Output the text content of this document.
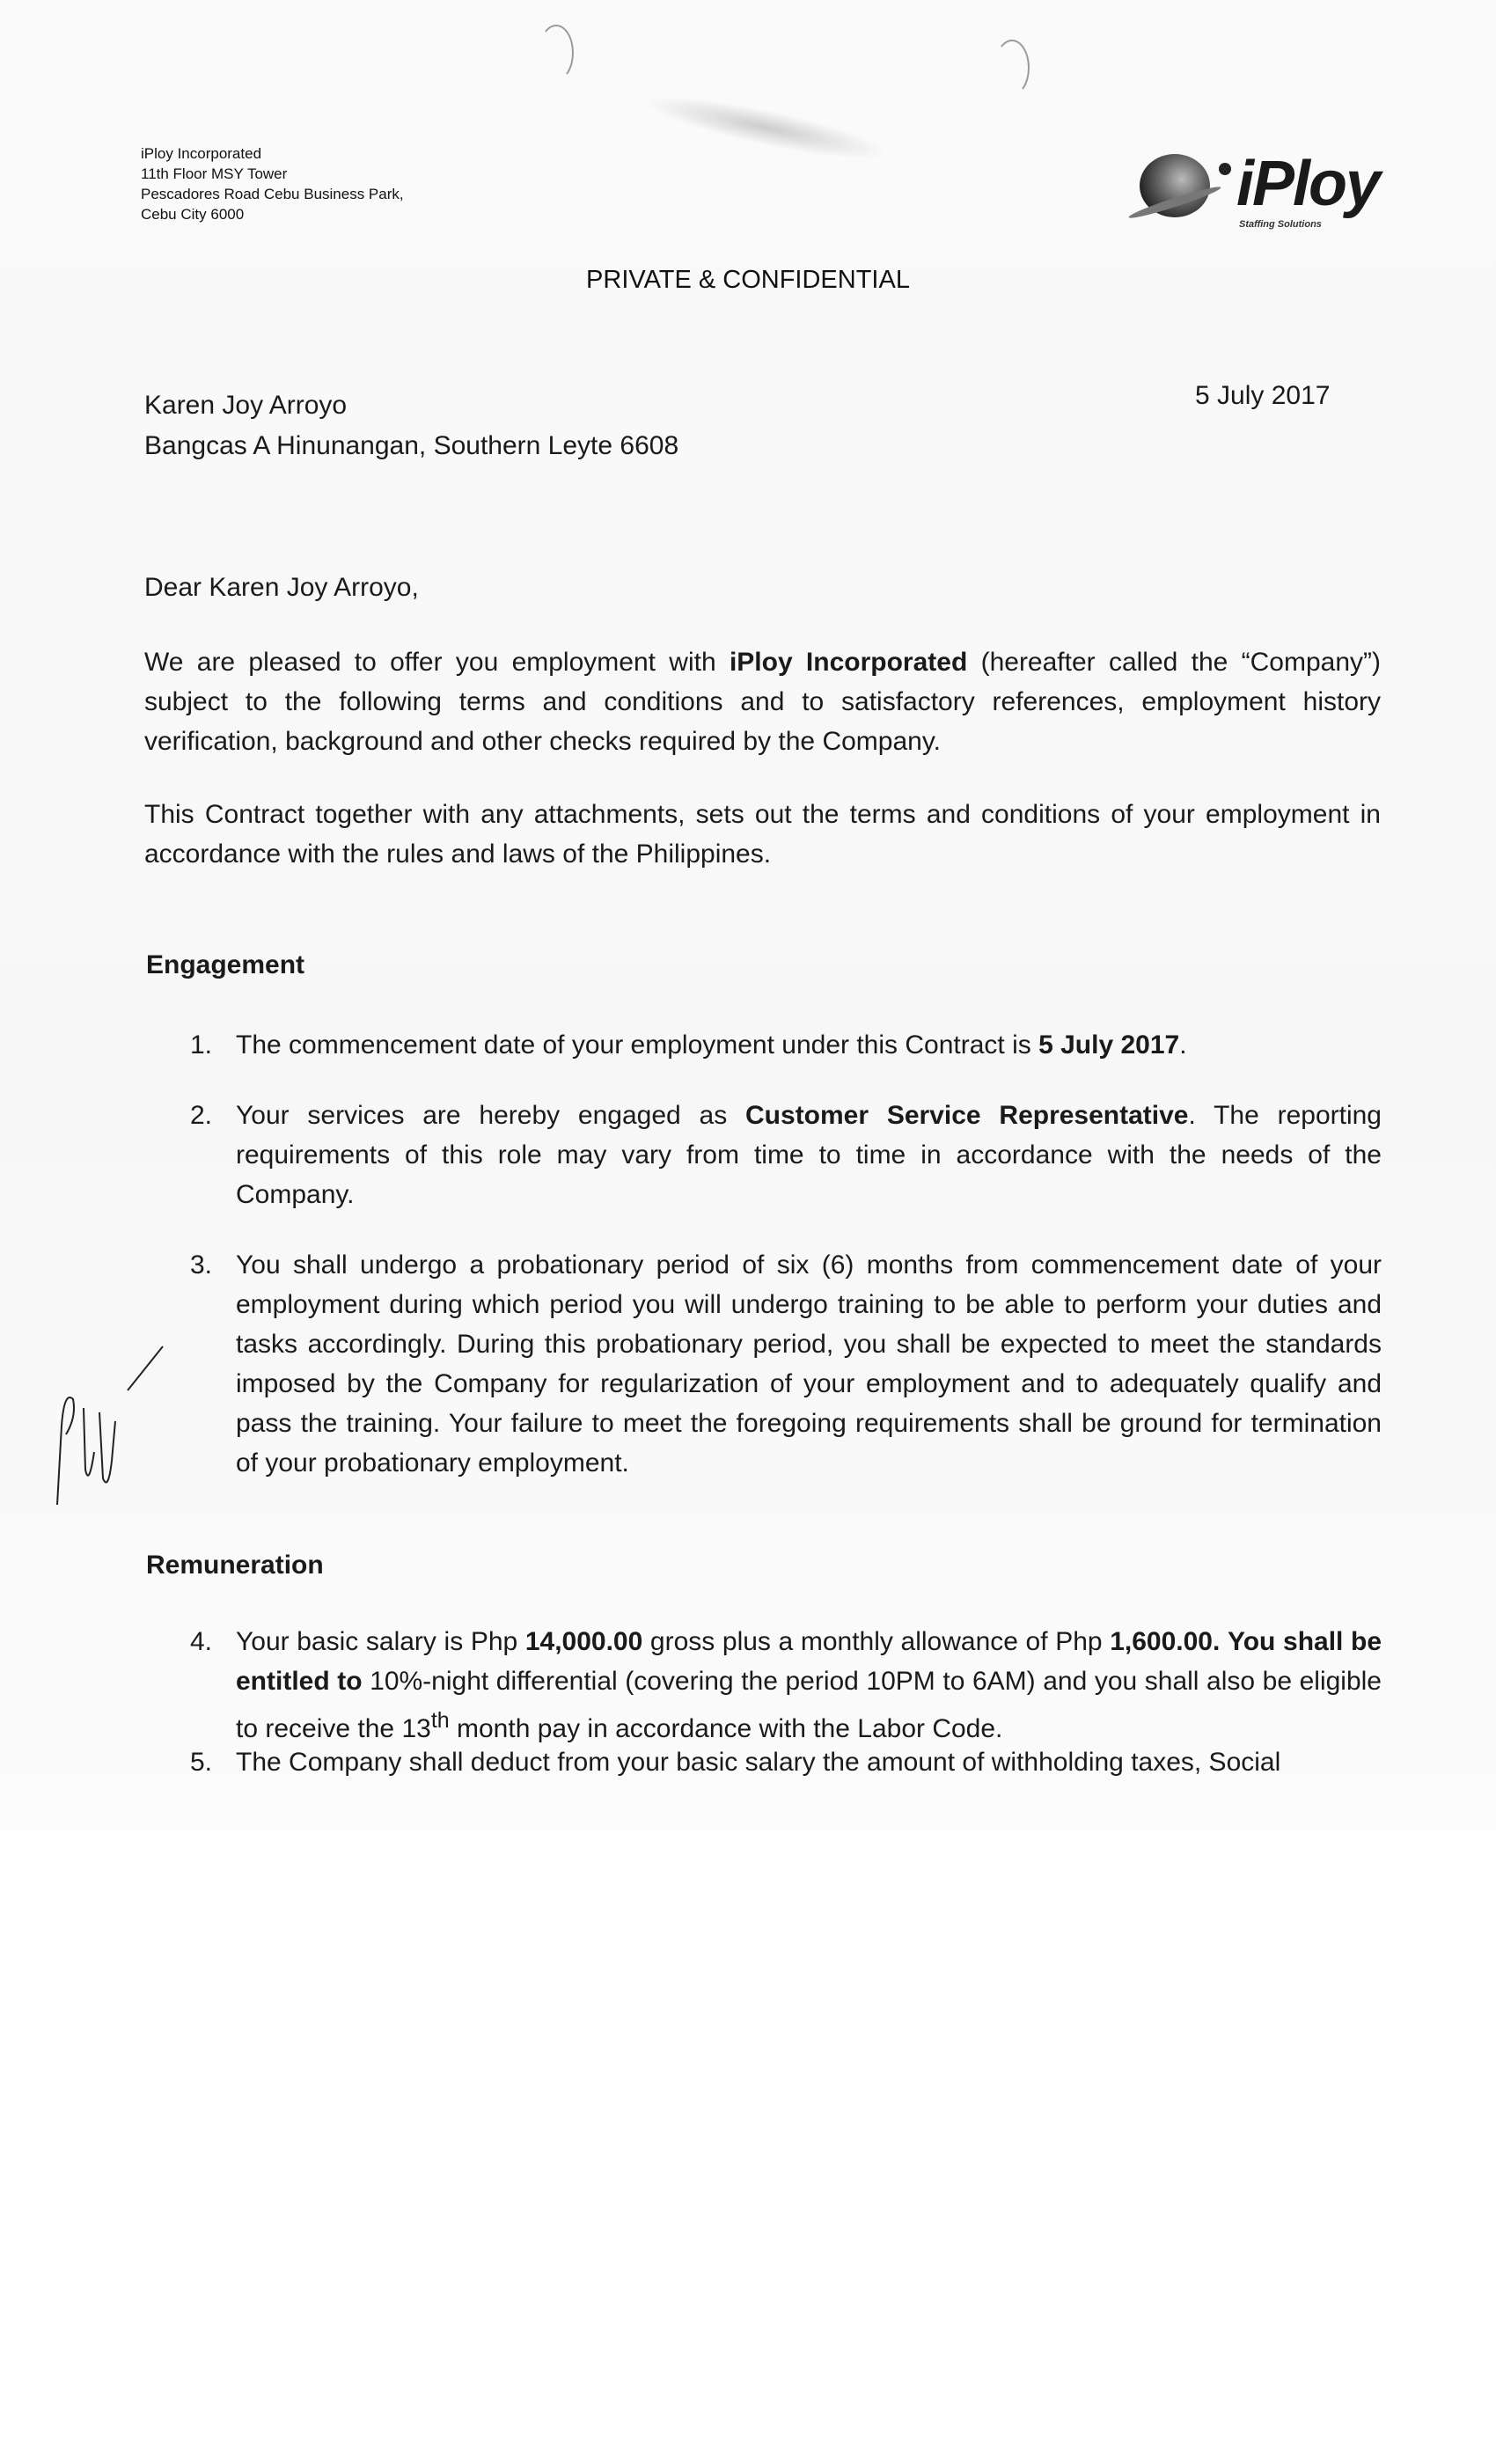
iPloy Incorporated
11th Floor MSY Tower
Pescadores Road Cebu Business Park,
Cebu City 6000	iPloy
Staffing Solutions
PRIVATE & CONFIDENTIAL
Karen Joy Arroyo
Bangcas A Hinunangan, Southern Leyte 6608
5 July 2017
Dear Karen Joy Arroyo,
We are pleased to offer you employment with iPloy Incorporated (hereafter called the “Company”) subject to the following terms and conditions and to satisfactory references, employment history verification, background and other checks required by the Company.
This Contract together with any attachments, sets out the terms and conditions of your employment in accordance with the rules and laws of the Philippines.
Engagement
1. The commencement date of your employment under this Contract is 5 July 2017.
2. Your services are hereby engaged as Customer Service Representative. The reporting requirements of this role may vary from time to time in accordance with the needs of the Company.
3. You shall undergo a probationary period of six (6) months from commencement date of your employment during which period you will undergo training to be able to perform your duties and tasks accordingly. During this probationary period, you shall be expected to meet the standards imposed by the Company for regularization of your employment and to adequately qualify and pass the training. Your failure to meet the foregoing requirements shall be ground for termination of your probationary employment.
Remuneration
4. Your basic salary is Php 14,000.00 gross plus a monthly allowance of Php 1,600.00. You shall be entitled to 10%-night differential (covering the period 10PM to 6AM) and you shall also be eligible to receive the 13th month pay in accordance with the Labor Code.
5. The Company shall deduct from your basic salary the amount of withholding taxes, Social
